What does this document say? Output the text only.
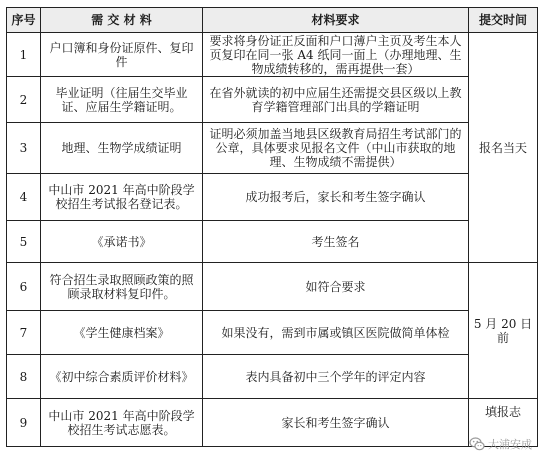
序号	需 交 材 料	材料要求	提交时间
1	户口簿和身份证原件、复印件	要求将身份证正反面和户口薄户主页及考生本人页复印在同一张 A4 纸同一面上（办理地理、生物成绩转移的，需再提供一套）	报名当天
2	毕业证明（往届生交毕业证、应届生学籍证明。	在省外就读的初中应届生还需提交县区级以上教育学籍管理部门出具的学籍证明	
3	地理、生物学成绩证明	证明必须加盖当地县区级教育局招生考试部门的公章，具体要求见报名文件（中山市获取的地理、生物成绩不需提供）	
4	中山市 2021 年高中阶段学校招生考试报名登记表。	成功报考后，家长和考生签字确认	
5	《承诺书》	考生签名	
6	符合招生录取照顾政策的照顾录取材料复印件。	如符合要求	5 月 20 日前
7	《学生健康档案》	如果没有，需到市属或镇区医院做简单体检	
8	《初中综合素质评价材料》	表内具备初中三个学年的评定内容	
9	中山市 2021 年高中阶段学校招生考试志愿表。	家长和考生签字确认	填报志
大浦安成
